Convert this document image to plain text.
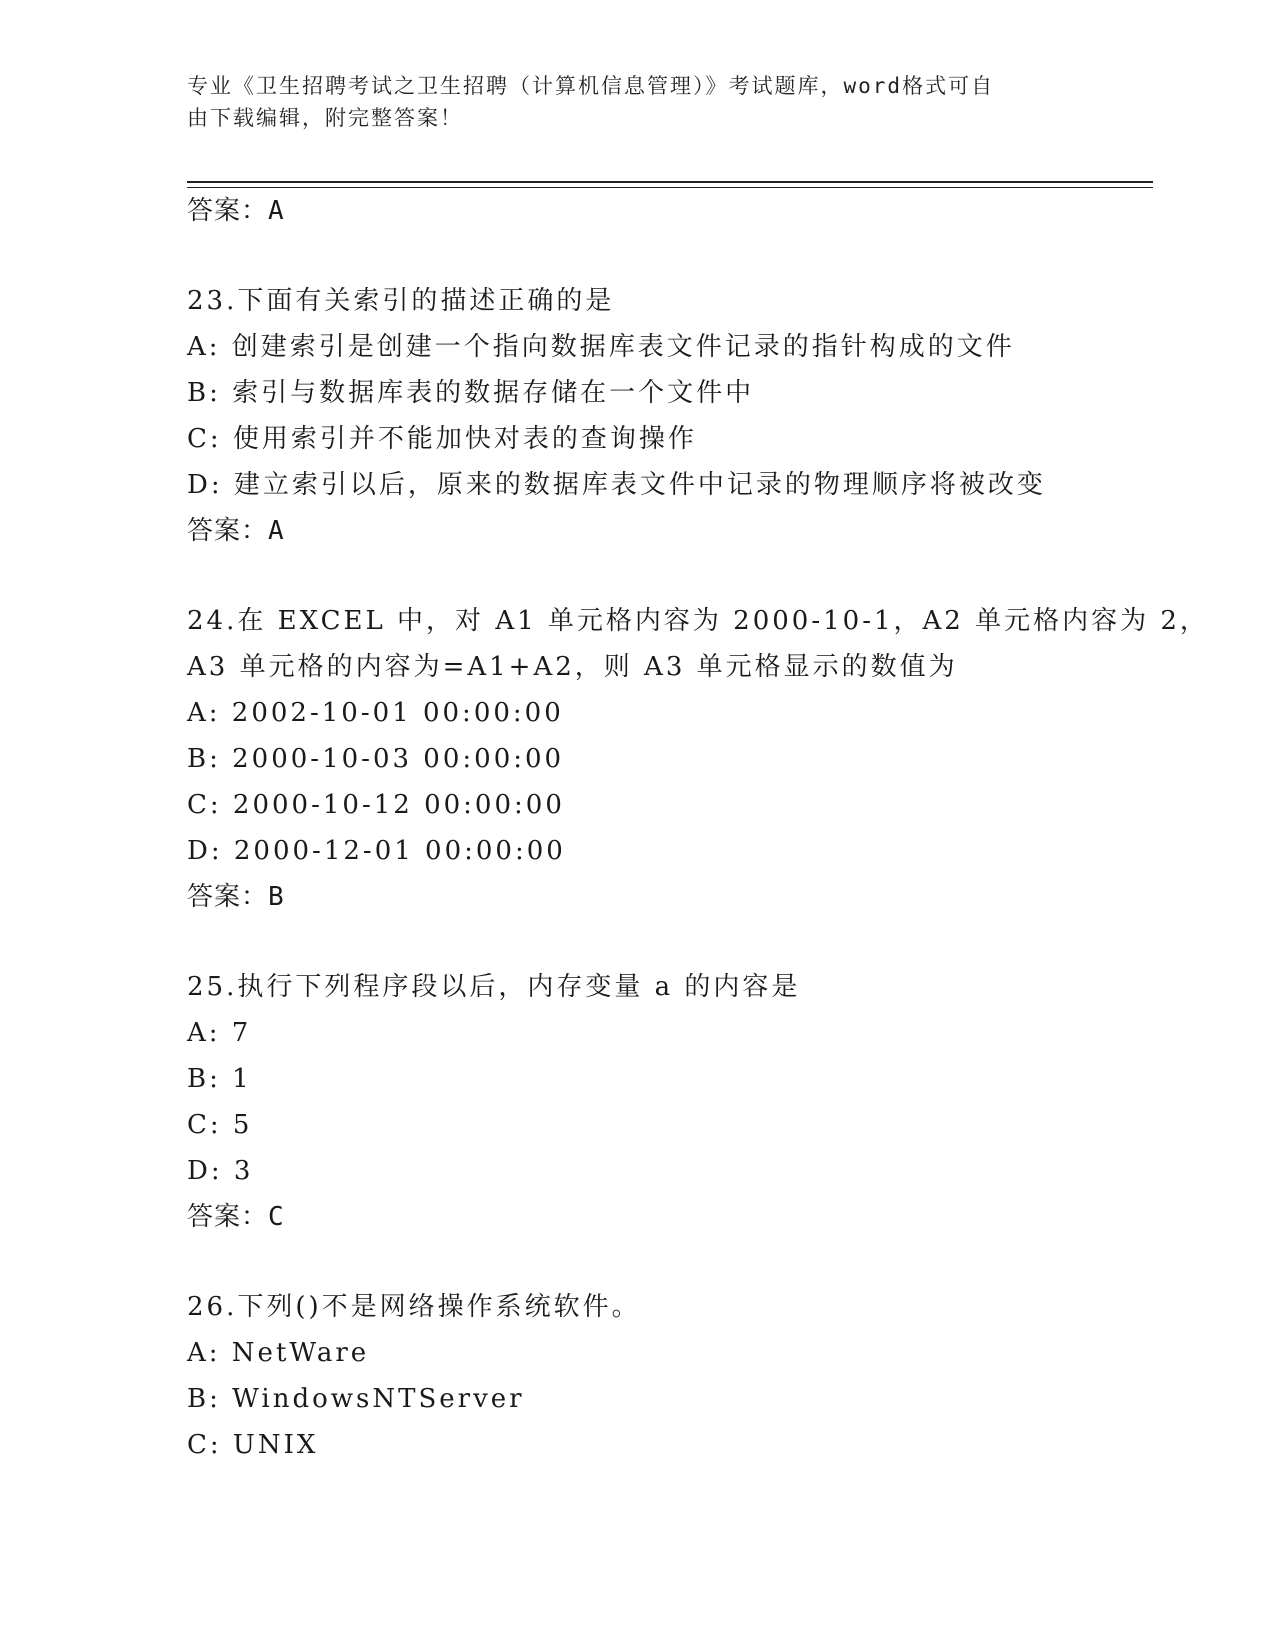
专业《卫生招聘考试之卫生招聘（计算机信息管理）》考试题库，word格式可自
由下载编辑，附完整答案！
答案：A
23.下面有关索引的描述正确的是
A: 创建索引是创建一个指向数据库表文件记录的指针构成的文件
B: 索引与数据库表的数据存储在一个文件中
C: 使用索引并不能加快对表的查询操作
D: 建立索引以后，原来的数据库表文件中记录的物理顺序将被改变
答案：A
24.在 EXCEL 中，对 A1 单元格内容为 2000-10-1，A2 单元格内容为 2，
A3 单元格的内容为=A1+A2，则 A3 单元格显示的数值为
A: 2002-10-01 00:00:00
B: 2000-10-03 00:00:00
C: 2000-10-12 00:00:00
D: 2000-12-01 00:00:00
答案：B
25.执行下列程序段以后，内存变量 a 的内容是
A: 7
B: 1
C: 5
D: 3
答案：C
26.下列()不是网络操作系统软件。
A: NetWare
B: WindowsNTServer
C: UNIX
